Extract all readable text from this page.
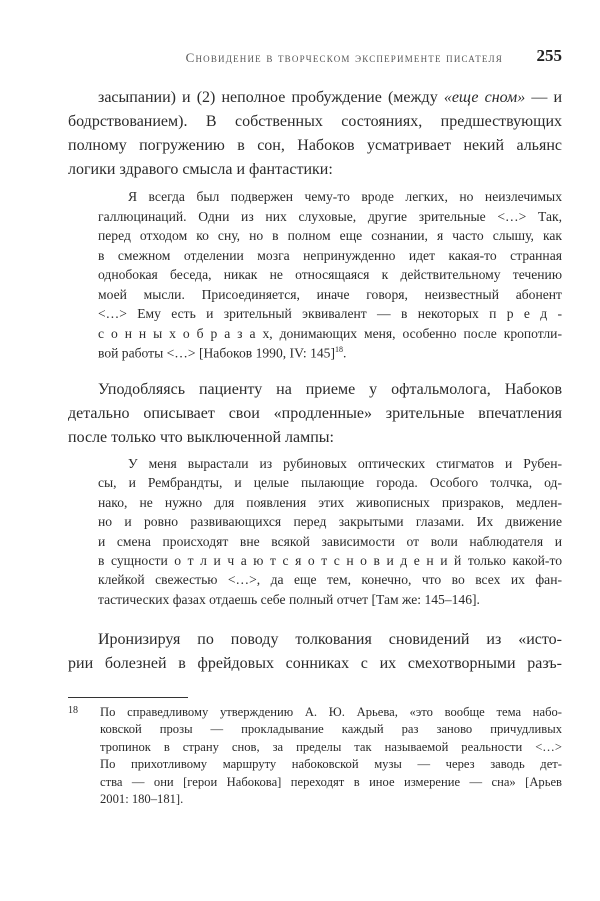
Сновидение в творческом эксперименте писателя 255
засыпании) и (2) неполное пробуждение (между «еще сном» — и
бодрствованием). В собственных состояниях, предшествующих
полному погружению в сон, Набоков усматривает некий альянс
логики здравого смысла и фантастики:
Я всегда был подвержен чему-то вроде легких, но неизлечимых
галлюцинаций. Одни из них слуховые, другие зрительные <…> Так,
перед отходом ко сну, но в полном еще сознании, я часто слышу, как
в смежном отделении мозга непринужденно идет какая-то странная
однобокая беседа, никак не относящаяся к действительному течению
моей мысли. Присоединяется, иначе говоря, неизвестный абонент
<…> Ему есть и зрительный эквивалент — в некоторых п р е д -
с о н н ы х о б р а з а х, донимающих меня, особенно после кропотли-
вой работы <…> [Набоков 1990, IV: 145]$^{18}$.
Уподобляясь пациенту на приеме у офтальмолога, Набоков
детально описывает свои «продленные» зрительные впечатления
после только что выключенной лампы:
У меня вырастали из рубиновых оптических стигматов и Рубен-
сы, и Рембрандты, и целые пылающие города. Особого толчка, од-
нако, не нужно для появления этих живописных призраков, медлен-
но и ровно развивающихся перед закрытыми глазами. Их движение
и смена происходят вне всякой зависимости от воли наблюдателя и
в сущности о т л и ч а ю т с я о т с н о в и д е н и й только какой-то
клейкой свежестью <…>, да еще тем, конечно, что во всех их фан-
тастических фазах отдаешь себе полный отчет [Там же: 145–146].
Иронизируя по поводу толкования сновидений из «исто-
рии болезней в фрейдовых сонниках с их смехотворными разъ-
18 По справедливому утверждению А. Ю. Арьева, «это вообще тема набо-
ковской прозы — прокладывание каждый раз заново причудливых
тропинок в страну снов, за пределы так называемой реальности <…>
По прихотливому маршруту набоковской музы — через заводь дет-
ства — они [герои Набокова] переходят в иное измерение — сна» [Арьев
2001: 180–181].
